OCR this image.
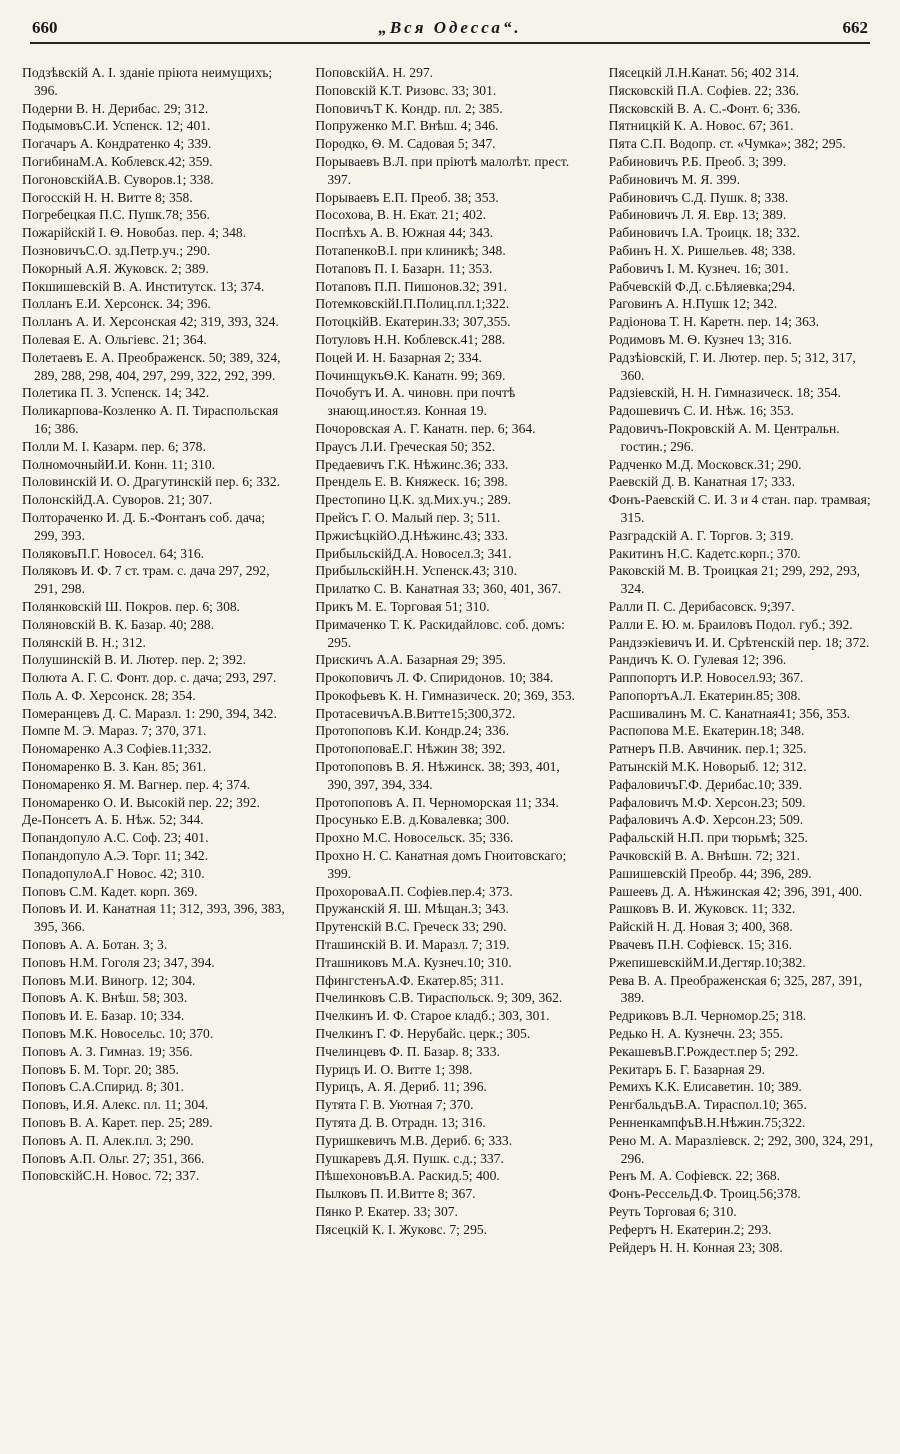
660	„Вся Одесса“.	662
Подзѣвскій А. І. зданіе пріюта неимущихъ; 396.
Подерни В. Н. Дерибас. 29; 312.
ПодымовъС.И. Успенск. 12; 401.
Погачаръ А. Кондратенко 4; 339.
ПогибинаМ.А. Коблевск.42; 359.
ПогоновскійА.В. Суворов.1; 338.
Погосскій Н. Н. Витте 8; 358.
Погребецкая П.С. Пушк.78; 356.
Пожарійскій І. Ѳ. Новобаз. пер. 4; 348.
ПозновичъС.О. зд.Петр.уч.; 290.
Покорный А.Я. Жуковск. 2; 389.
Покшишевскій В. А. Институтск. 13; 374.
Полланъ Е.И. Херсонск. 34; 396.
Полланъ А. И. Херсонская 42; 319, 393, 324.
Полевая Е. А. Ольгіевс. 21; 364.
Полетаевъ Е. А. Преображенск. 50; 389, 324, 289, 288, 298, 404, 297, 299, 322, 292, 399.
Полетика П. З. Успенск. 14; 342.
Поликарпова-Козленко А. П. Тираспольская 16; 386.
Полли М. І. Казарм. пер. 6; 378.
ПолномочныйИ.И. Конн. 11; 310.
Половинскій И. О. Драгутинскій пер. 6; 332.
ПолонскійД.А. Суворов. 21; 307.
Полтораченко И. Д. Б.-Фонтанъ соб. дача; 299, 393.
ПоляковъП.Г. Новосел. 64; 316.
Поляковъ И. Ф. 7 ст. трам. с. дача 297, 292, 291, 298.
Полянковскій Ш. Покров. пер. 6; 308.
Поляновскій В. К. Базар. 40; 288.
Полянскій В. Н.; 312.
Полушинскій В. И. Лютер. пер. 2; 392.
Полюта А. Г. С. Фонт. дор. с. дача; 293, 297.
Поль А. Ф. Херсонск. 28; 354.
Померанцевъ Д. С. Маразл. 1: 290, 394, 342.
Помпе М. Э. Мараз. 7; 370, 371.
Пономаренко А.З Софіев.11;332.
Пономаренко В. З. Кан. 85; 361.
Пономаренко Я. М. Вагнер. пер. 4; 374.
Пономаренко О. И. Высокій пер. 22; 392.
Де-Понсетъ А. Б. Нѣж. 52; 344.
Попандопуло А.С. Соф. 23; 401.
Попандопуло А.Э. Торг. 11; 342.
ПопадопулоА.Г Новос. 42; 310.
Поповъ С.М. Кадет. корп. 369.
Поповъ И. И. Канатная 11; 312, 393, 396, 383, 395, 366.
Поповъ А. А. Ботан. 3; 3.
Поповъ Н.М. Гоголя 23; 347, 394.
Поповъ М.И. Виногр. 12; 304.
Поповъ А. К. Внѣш. 58; 303.
Поповъ И. Е. Базар. 10; 334.
Поповъ М.К. Новосельс. 10; 370.
Поповъ А. З. Гимназ. 19; 356.
Поповъ Б. М. Торг. 20; 385.
Поповъ С.А.Спирид. 8; 301.
Поповъ, И.Я. Алекс. пл. 11; 304.
Поповъ В. А. Карет. пер. 25; 289.
Поповъ А. П. Алек.пл. 3; 290.
Поповъ А.П. Ольг. 27; 351, 366.
ПоповскійС.Н. Новос. 72; 337.
ПоповскійА. Н. 297.
Поповскій К.Т. Ризовс. 33; 301.
ПоповичъТ К. Кондр. пл. 2; 385.
Попруженко М.Г. Внѣш. 4; 346.
Породко, Ѳ. М. Садовая 5; 347.
Порываевъ В.Л. при пріютѣ малолѣт. прест. 397.
Порываевъ Е.П. Преоб. 38; 353.
Посохова, В. Н. Екат. 21; 402.
Поспѣхъ А. В. Южная 44; 343.
ПотапенкоВ.І. при клиникѣ; 348.
Потаповъ П. І. Базарн. 11; 353.
Потаповъ П.П. Пишонов.32; 391.
ПотемковскійІ.П.Полиц.пл.1;322.
ПотоцкійВ. Екатерин.33; 307,355.
Потуловъ Н.Н. Коблевск.41; 288.
Поцей И. Н. Базарная 2; 334.
ПочинщукъѲ.К. Канатн. 99; 369.
Почобутъ И. А. чиновн. при почтѣ знающ.иност.яз. Конная 19.
Почоровская А. Г. Канатн. пер. 6; 364.
Праусъ Л.И. Греческая 50; 352.
Предаевичъ Г.К. Нѣжинс.36; 333.
Прендель Е. В. Княжеск. 16; 398.
Престопино Ц.К. зд.Мих.уч.; 289.
Прейсъ Г. О. Малый пер. 3; 511.
ПржисѣцкійО.Д.Нѣжинс.43; 333.
ПрибыльскійД.А. Новосел.3; 341.
ПрибыльскійН.Н. Успенск.43; 310.
Прилатко С. В. Канатная 33; 360, 401, 367.
Прикъ М. Е. Торговая 51; 310.
Примаченко Т. К. Раскидайловс. соб. домъ: 295.
Прискичъ А.А. Базарная 29; 395.
Прокоповичъ Л. Ф. Спиридонов. 10; 384.
Прокофьевъ К. Н. Гимназическ. 20; 369, 353.
ПротасевичъА.В.Витте15;300,372.
Протопоповъ К.И. Кондр.24; 336.
ПротопоповаЕ.Г. Нѣжин 38; 392.
Протопоповъ В. Я. Нѣжинск. 38; 393, 401, 390, 397, 394, 334.
Протопоповъ А. П. Черноморская 11; 334.
Просунько Е.В. д.Ковалевка; 300.
Прохно М.С. Новосельск. 35; 336.
Прохно Н. С. Канатная домъ Гноитовскаго; 399.
ПрохороваА.П. Софіев.пер.4; 373.
Пружанскій Я. Ш. Мѣщан.3; 343.
Прутенскій В.С. Греческ 33; 290.
Пташинскій В. И. Маразл. 7; 319.
Пташниковъ М.А. Кузнеч.10; 310.
ПфингстенъА.Ф. Екатер.85; 311.
Пчелинковъ С.В. Тираспольск. 9; 309, 362.
Пчелкинъ И. Ф. Старое кладб.; 303, 301.
Пчелкинъ Г. Ф. Нерубайс. церк.; 305.
Пчелинцевъ Ф. П. Базар. 8; 333.
Пурицъ И. О. Витте 1; 398.
Пурицъ, А. Я. Дериб. 11; 396.
Путята Г. В. Уютная 7; 370.
Путята Д. В. Отрадн. 13; 316.
Пуришкевичъ М.В. Дериб. 6; 333.
Пушкаревъ Д.Я. Пушк. с.д.; 337.
ПѣшехоновъВ.А. Раскид.5; 400.
Пылковъ П. И.Витте 8; 367.
Пянко Р. Екатер. 33; 307.
Пясецкій К. І. Жуковс. 7; 295.
Пясецкій Л.Н.Канат. 56; 402 314.
Пясковскій П.А. Софіев. 22; 336.
Пясковскій В. А. С.-Фонт. 6; 336.
Пятницкій К. А. Новос. 67; 361.
Пята С.П. Водопр. ст. «Чумка»; 382; 295.
Рабиновичъ Р.Б. Преоб. 3; 399.
Рабиновичъ М. Я. 399.
Рабиновичъ С.Д. Пушк. 8; 338.
Рабиновичъ Л. Я. Евр. 13; 389.
Рабиновичъ І.А. Троицк. 18; 332.
Рабинъ Н. Х. Ришельев. 48; 338.
Рабовичъ І. М. Кузнеч. 16; 301.
Рабчевскій Ф.Д. с.Бѣляевка;294.
Раговинъ А. Н.Пушк 12; 342.
Радіонова Т. Н. Каретн. пер. 14; 363.
Родимовъ М. Ѳ. Кузнеч 13; 316.
Радзѣіовскій, Г. И. Лютер. пер. 5; 312, 317, 360.
Радзіевскій, Н. Н. Гимназическ. 18; 354.
Радошевичъ С. И. Нѣж. 16; 353.
Радовичъ-Покровскій А. М. Центральн. гостин.; 296.
Радченко М.Д. Московск.31; 290.
Раевскій Д. В. Канатная 17; 333.
Фонъ-Раевскій С. И. 3 и 4 стан. пар. трамвая; 315.
Разградскій А. Г. Торгов. 3; 319.
Ракитинъ Н.С. Кадетс.корп.; 370.
Раковскій М. В. Троицкая 21; 299, 292, 293, 324.
Ралли П. С. Дерибасовск. 9;397.
Ралли Е. Ю. м. Браиловъ Подол. губ.; 392.
Рандзэкіевичъ И. И. Срѣтенскій пер. 18; 372.
Рандичъ К. О. Гулевая 12; 396.
Раппопортъ И.Р. Новосел.93; 367.
РапопортъА.Л. Екатерин.85; 308.
Расшивалинъ М. С. Канатная41; 356, 353.
Распопова М.Е. Екатерин.18; 348.
Ратнеръ П.В. Авчиник. пер.1; 325.
Ратынскій М.К. Новорыб. 12; 312.
РафаловичъГ.Ф. Дерибас.10; 339.
Рафаловичъ М.Ф. Херсон.23; 509.
Рафаловичъ А.Ф. Херсон.23; 509.
Рафальскій Н.П. при тюрьмѣ; 325.
Рачковскій В. А. Внѣшн. 72; 321.
Рашишевскій Преобр. 44; 396, 289.
Рашеевъ Д. А. Нѣжинская 42; 396, 391, 400.
Рашковъ В. И. Жуковск. 11; 332.
Райскій Н. Д. Новая 3; 400, 368.
Рвачевъ П.Н. Софіевск. 15; 316.
РжепишевскійМ.И.Дегтяр.10;382.
Рева В. А. Преображенская 6; 325, 287, 391, 389.
Редриковъ В.Л. Черномор.25; 318.
Редько Н. А. Кузнечн. 23; 355.
РекашевъВ.Г.Рождест.пер 5; 292.
Рекитаръ Б. Г. Базарная 29.
Ремихъ К.К. Елисаветин. 10; 389.
РенгбальдъВ.А. Тираспол.10; 365.
РенненкампфъВ.Н.Нѣжин.75;322.
Рено М. А. Маразліевск. 2; 292, 300, 324, 291, 296.
Ренъ М. А. Софіевск. 22; 368.
Фонъ-РессельД.Ф. Троиц.56;378.
Реуть Торговая 6; 310.
Рефертъ Н. Екатерин.2; 293.
Рейдеръ Н. Н. Конная 23; 308.
